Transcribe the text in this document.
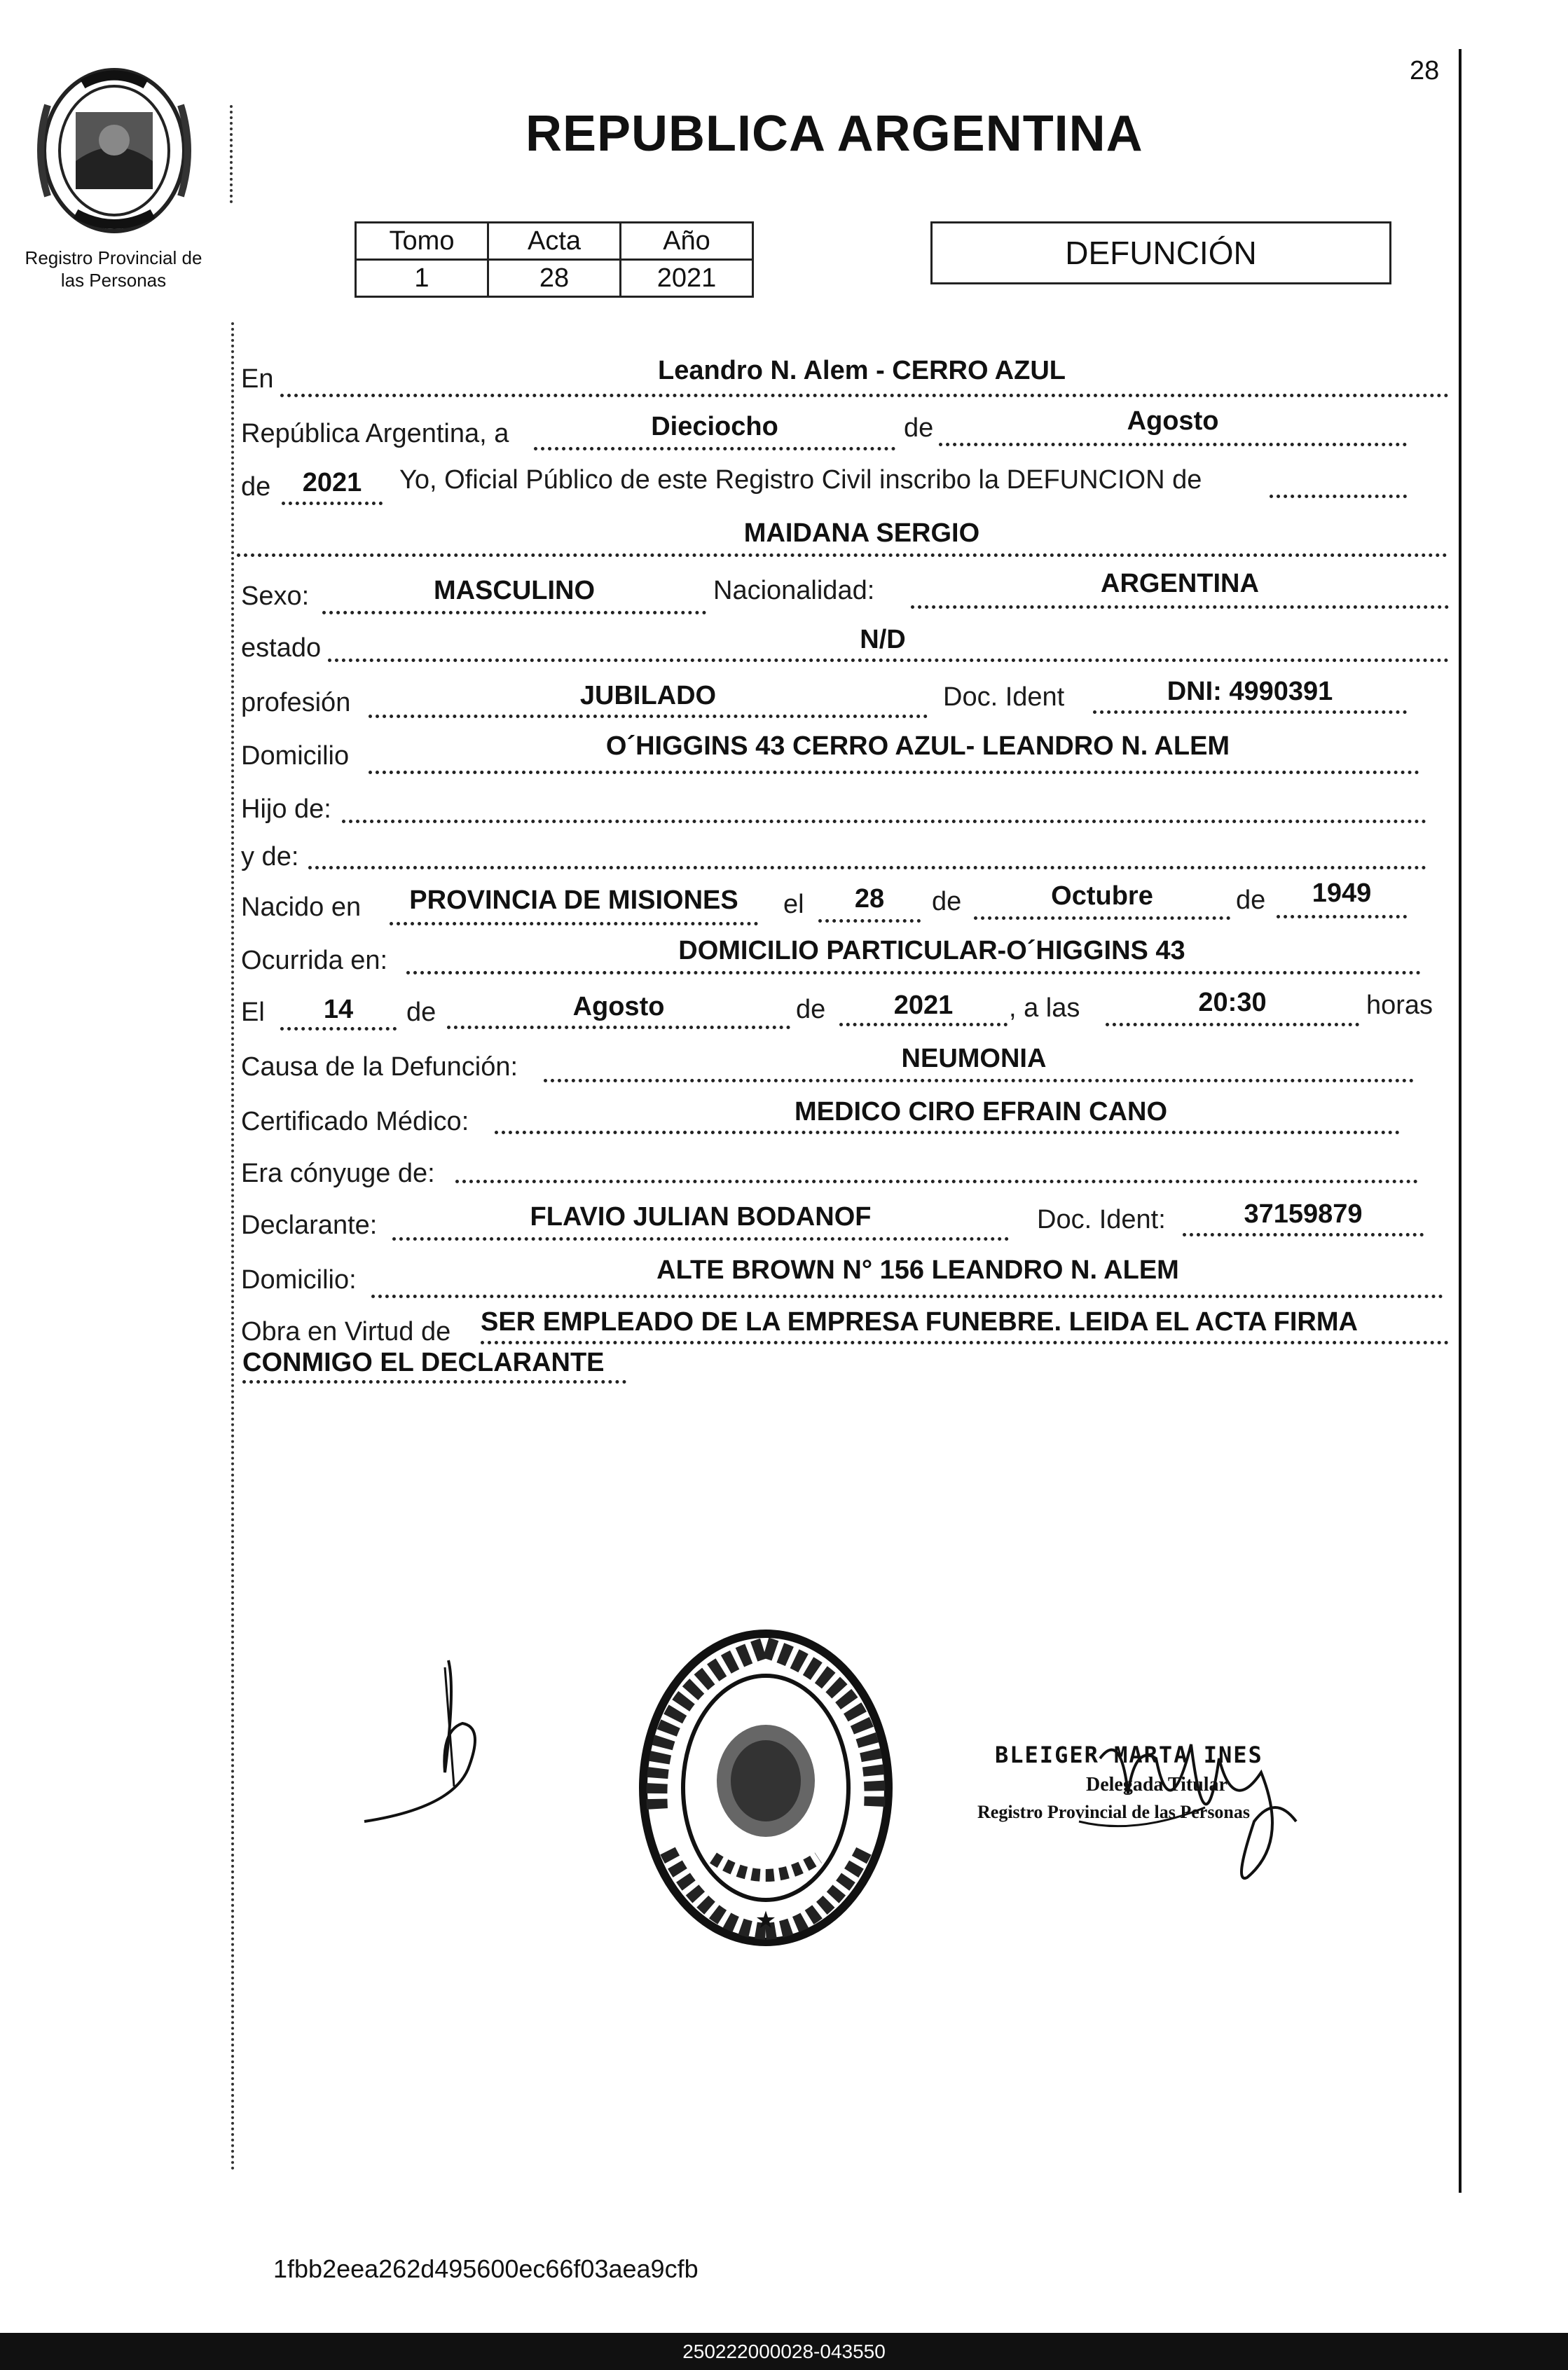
Registro Provincial de
las Personas
REPUBLICA ARGENTINA
28
Tomo	Acta	Año
1	28	2021
DEFUNCIÓN
En	Leandro N. Alem - CERRO AZUL
República Argentina, a	Dieciocho	de	Agosto
de	2021	Yo, Oficial Público de este Registro Civil inscribo la DEFUNCION de
MAIDANA SERGIO
Sexo:	MASCULINO	Nacionalidad:	ARGENTINA
estado	N/D
profesión	JUBILADO	Doc. Ident	DNI: 4990391
Domicilio	O´HIGGINS 43 CERRO AZUL- LEANDRO N. ALEM
Hijo de:
y de:
Nacido en	PROVINCIA DE MISIONES	el	28	de	Octubre	de	1949
Ocurrida en:	DOMICILIO PARTICULAR-O´HIGGINS 43
El	14	de	Agosto	de	2021	, a las	20:30	horas
Causa de la Defunción:	NEUMONIA
Certificado Médico:	MEDICO CIRO EFRAIN CANO
Era cónyuge de:
Declarante:	FLAVIO JULIAN BODANOF	Doc. Ident:	37159879
Domicilio:	ALTE BROWN N° 156 LEANDRO N. ALEM
Obra en Virtud de SER EMPLEADO DE LA EMPRESA FUNEBRE. LEIDA EL ACTA FIRMA
CONMIGO EL DECLARANTE
★
BLEIGER MARTA INES
Delegada Titular
Registro Provincial de las Personas
1fbb2eea262d495600ec66f03aea9cfb
250222000028-043550
